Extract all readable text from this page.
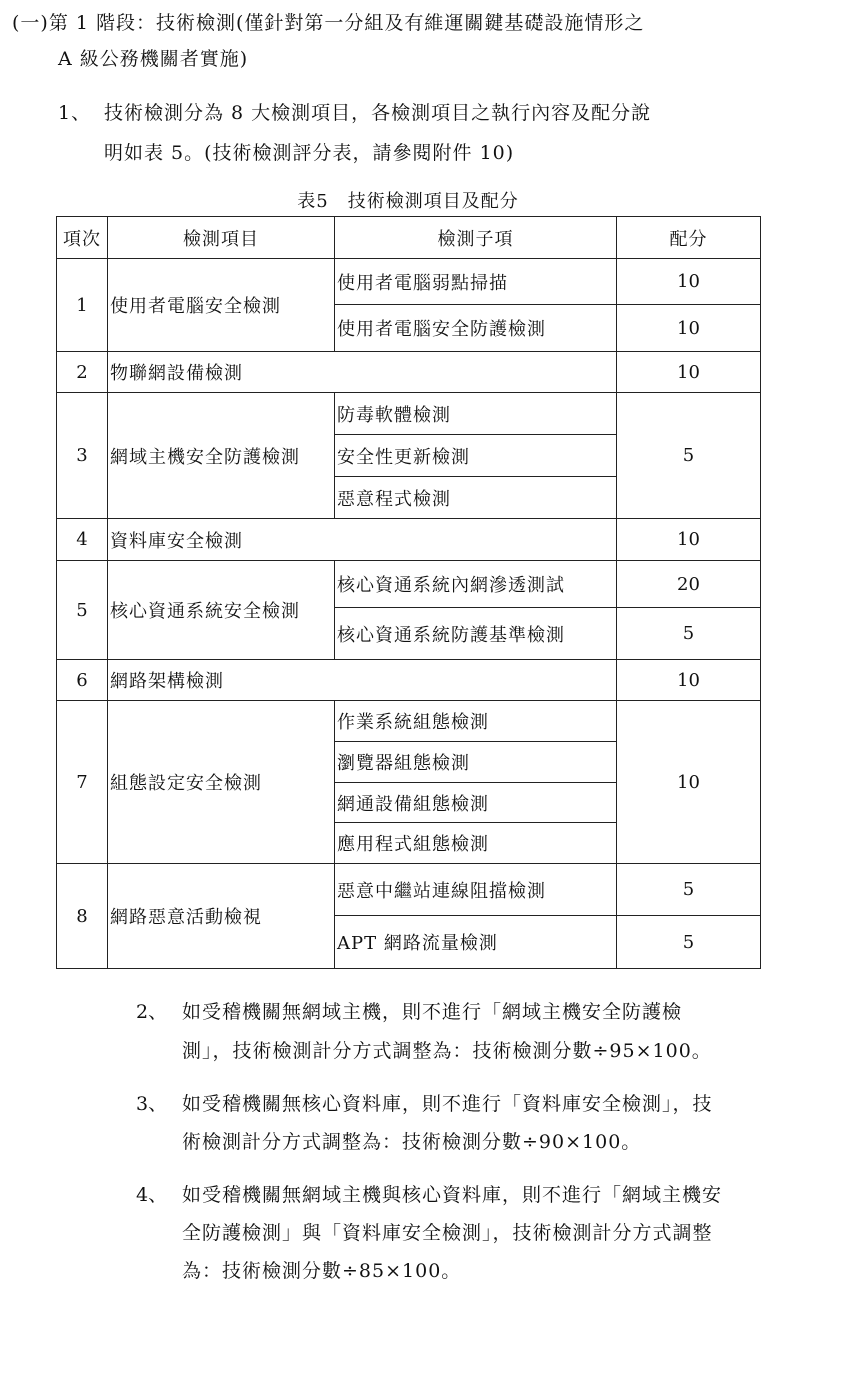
(一)第 1 階段：技術檢測(僅針對第一分組及有維運關鍵基礎設施情形之
A 級公務機關者實施)
1、 技術檢測分為 8 大檢測項目，各檢測項目之執行內容及配分說
明如表 5。(技術檢測評分表，請參閱附件 10)
表5　技術檢測項目及配分
項次	檢測項目	檢測子項	配分
1	使用者電腦安全檢測	使用者電腦弱點掃描	10
		使用者電腦安全防護檢測	10
2	物聯網設備檢測		10
3	網域主機安全防護檢測	防毒軟體檢測	5
		安全性更新檢測	
		惡意程式檢測	
4	資料庫安全檢測		10
5	核心資通系統安全檢測	核心資通系統內網滲透測試	20
		核心資通系統防護基準檢測	5
6	網路架構檢測		10
7	組態設定安全檢測	作業系統組態檢測	10
		瀏覽器組態檢測	
		網通設備組態檢測	
		應用程式組態檢測	
8	網路惡意活動檢視	惡意中繼站連線阻擋檢測	5
		APT 網路流量檢測	5
2、 如受稽機關無網域主機，則不進行「網域主機安全防護檢
測」，技術檢測計分方式調整為：技術檢測分數÷95×100。
3、 如受稽機關無核心資料庫，則不進行「資料庫安全檢測」，技
術檢測計分方式調整為：技術檢測分數÷90×100。
4、 如受稽機關無網域主機與核心資料庫，則不進行「網域主機安
全防護檢測」與「資料庫安全檢測」，技術檢測計分方式調整
為：技術檢測分數÷85×100。
